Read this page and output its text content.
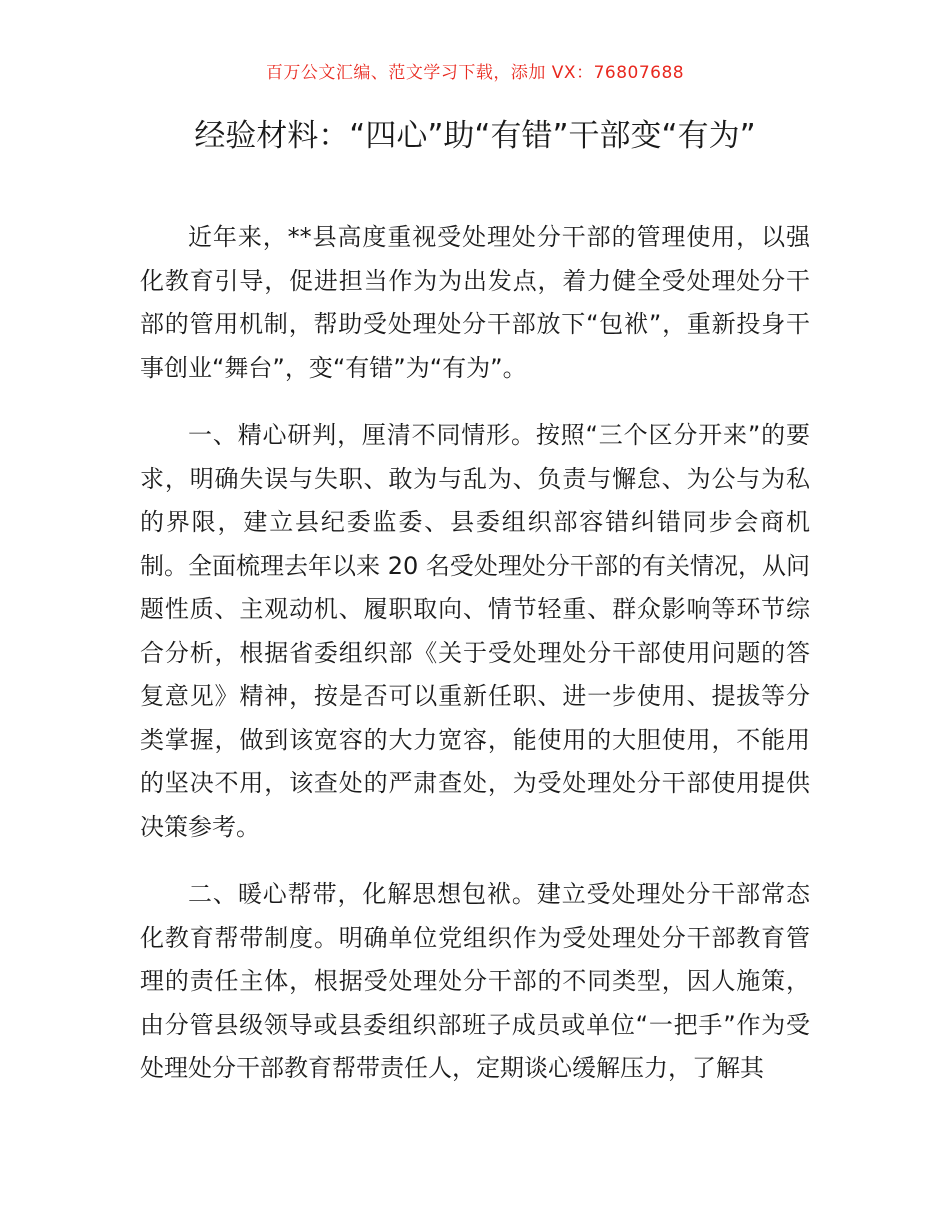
百万公文汇编、范文学习下载，添加 VX：76807688
经验材料：“四心”助“有错”干部变“有为”

近年来，**县高度重视受处理处分干部的管理使用，以强化教育引导，促进担当作为为出发点，着力健全受处理处分干部的管用机制，帮助受处理处分干部放下“包袱”，重新投身干事创业“舞台”，变“有错”为“有为”。

一、精心研判，厘清不同情形。按照“三个区分开来”的要求，明确失误与失职、敢为与乱为、负责与懈怠、为公与为私的界限，建立县纪委监委、县委组织部容错纠错同步会商机制。全面梳理去年以来 20 名受处理处分干部的有关情况，从问题性质、主观动机、履职取向、情节轻重、群众影响等环节综合分析，根据省委组织部《关于受处理处分干部使用问题的答复意见》精神，按是否可以重新任职、进一步使用、提拔等分类掌握，做到该宽容的大力宽容，能使用的大胆使用，不能用的坚决不用，该查处的严肃查处，为受处理处分干部使用提供决策参考。

二、暖心帮带，化解思想包袱。建立受处理处分干部常态化教育帮带制度。明确单位党组织作为受处理处分干部教育管理的责任主体，根据受处理处分干部的不同类型，因人施策，由分管县级领导或县委组织部班子成员或单位“一把手”作为受处理处分干部教育帮带责任人，定期谈心缓解压力，了解其
